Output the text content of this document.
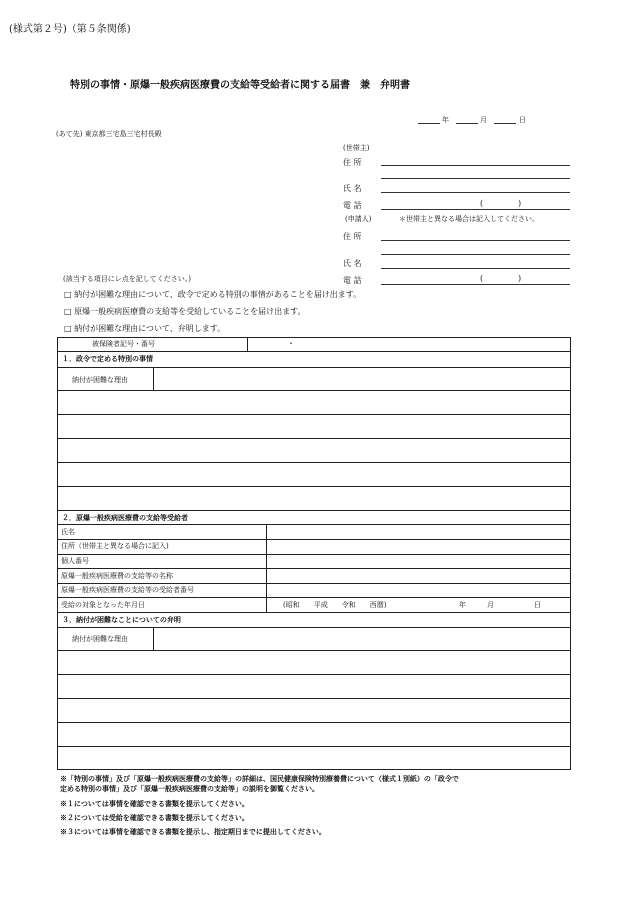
(様式第２号)（第５条関係)
特別の事情・原爆一般疾病医療費の支給等受給者に関する届書　兼　弁明書
年	月	日
(あて先) 東京都三宅島三宅村長殿
(世帯主)
住 所
氏 名
電 話	(	)
(申請人)	＊世帯主と異なる場合は記入してください。
住 所
氏 名
(該当する項目にレ点を記してください。)	電 話	(	)
□ 納付が困難な理由について、政令で定める特別の事情があることを届け出ます。
□ 原爆一般疾病医療費の支給等を受給していることを届け出ます。
□ 納付が困難な理由について、弁明します。
被保険者記号・番号	・
１．政令で定める特別の事情
納付が困難な理由
２．原爆一般疾病医療費の支給等受給者
氏名
住所（世帯主と異なる場合に記入)
個人番号
原爆一般疾病医療費の支給等の名称
原爆一般疾病医療費の支給等の受給者番号
受給の対象となった年月日	(昭和　　平成　　令和　　西暦)	年	月	日
３．納付が困難なことについての弁明
納付が困難な理由
※「特別の事情」及び「原爆一般疾病医療費の支給等」の詳細は、国民健康保険特別療養費について（様式１別紙）の「政令で
定める特別の事情」及び「原爆一般疾病医療費の支給等」の説明を御覧ください。
※１については事情を確認できる書類を提示してください。
※２については受給を確認できる書類を提示してください。
※３については事情を確認できる書類を提示し、指定期日までに提出してください。
